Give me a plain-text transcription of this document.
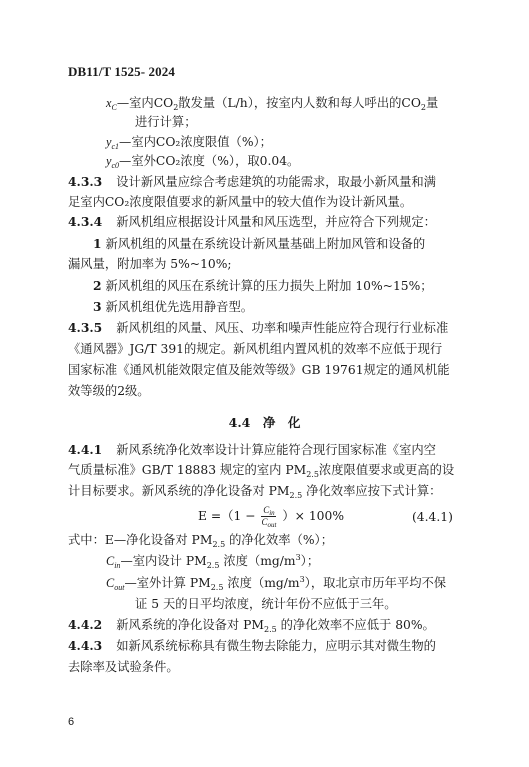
DB11/T 1525- 2024
$x_C—$室内$CO_2$散发量（L/h），按室内人数和每人呼出的$CO_2$量
进行计算；
$y_{c1}—$室内CO₂浓度限值（%）；
$y_{c0}—$室外CO₂浓度（%），取0.04。
4.3.3 设计新风量应综合考虑建筑的功能需求，取最小新风量和满
足室内CO₂浓度限值要求的新风量中的较大值作为设计新风量。
4.3.4 新风机组应根据设计风量和风压选型，并应符合下列规定：
1 新风机组的风量在系统设计新风量基础上附加风管和设备的
漏风量，附加率为 5%~10%;
2 新风机组的风压在系统计算的压力损失上附加 10%~15%；
3 新风机组优先选用静音型。
4.3.5 新风机组的风量、风压、功率和噪声性能应符合现行行业标准
《通风器》JG/T 391的规定。新风机组内置风机的效率不应低于现行
国家标准《通风机能效限定值及能效等级》GB 19761规定的通风机能
效等级的2级。
4.4　净　化
4.4.1 新风系统净化效率设计计算应能符合现行国家标准《室内空
气质量标准》GB/T 18883 规定的室内 $PM_{2.5}$浓度限值要求或更高的设
计目标要求。新风系统的净化设备对 $PM_{2.5}$ 净化效率应按下式计算：
$E =(1 - \frac{C_{in}}{C_{out}}$ ）× 100%	(4.4.1)
式中：E—净化设备对 $PM_{2.5}$ 的净化效率（%）；
$C_{in}—$室内设计 $PM_{2.5}$ 浓度$(mg/m^3)$；
$C_{out}—$室外计算 $PM_{2.5}$ 浓度$(mg/m^3)$，取北京市历年平均不保
证 5 天的日平均浓度，统计年份不应低于三年。
4.4.2 新风系统的净化设备对 $PM_{2.5}$ 的净化效率不应低于 80%。
4.4.3 如新风系统标称具有微生物去除能力，应明示其对微生物的
去除率及试验条件。
6
